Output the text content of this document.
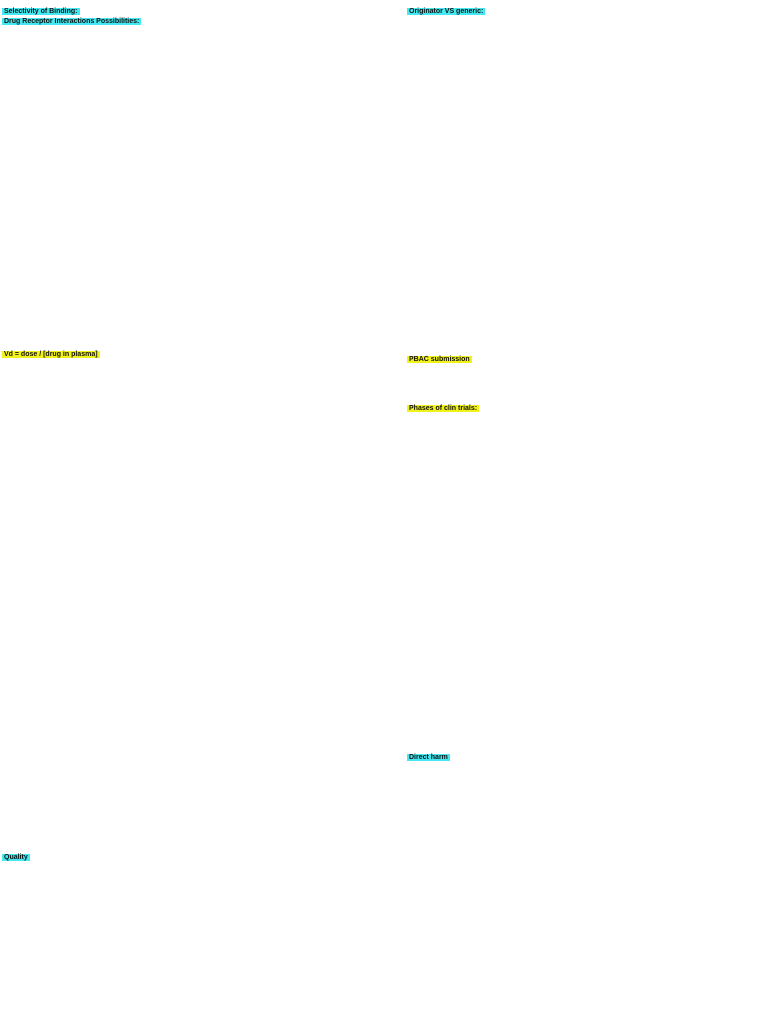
Selectivity of Binding:
Drug Receptor Interactions Possibilities:
Vd = dose / [drug in plasma]
Quality
Originator VS generic:
PBAC submission
Phases of clin trials:
Direct harm
